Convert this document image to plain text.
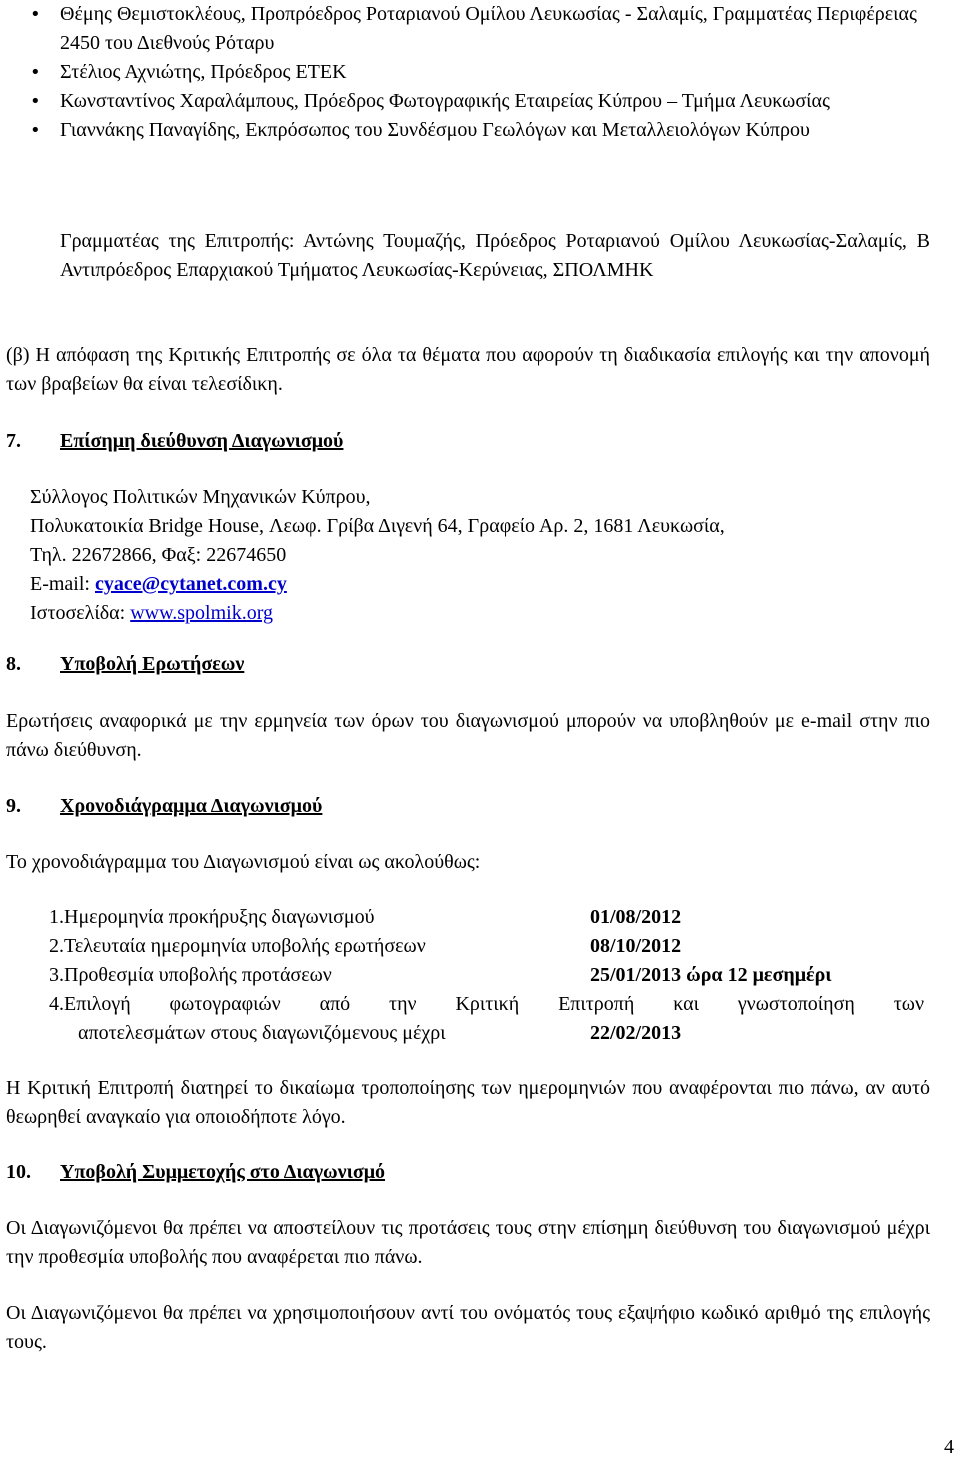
• Θέμης Θεμιστοκλέους, Προπρόεδρος Ροταριανού Ομίλου Λευκωσίας - Σαλαμίς, Γραμματέας Περιφέρειας 2450 του Διεθνούς Ρόταρυ
• Στέλιος Αχνιώτης, Πρόεδρος ΕΤΕΚ
• Κωνσταντίνος Χαραλάμπους, Πρόεδρος Φωτογραφικής Εταιρείας Κύπρου – Τμήμα Λευκωσίας
• Γιαννάκης Παναγίδης, Εκπρόσωπος του Συνδέσμου Γεωλόγων και Μεταλλειολόγων Κύπρου

Γραμματέας της Επιτροπής: Αντώνης Τουμαζής, Πρόεδρος Ροταριανού Ομίλου Λευκωσίας-Σαλαμίς, Β Αντιπρόεδρος Επαρχιακού Τμήματος Λευκωσίας-Κερύνειας, ΣΠΟΛΜΗΚ

(β) Η απόφαση της Κριτικής Επιτροπής σε όλα τα θέματα που αφορούν τη διαδικασία επιλογής και την απονομή των βραβείων θα είναι τελεσίδικη.

7. Επίσημη διεύθυνση Διαγωνισμού
Σύλλογος Πολιτικών Μηχανικών Κύπρου,
Πολυκατοικία Bridge House, Λεωφ. Γρίβα Διγενή 64, Γραφείο Αρ. 2, 1681 Λευκωσία,
Τηλ. 22672866, Φαξ: 22674650
E-mail: cyace@cytanet.com.cy
Ιστοσελίδα: www.spolmik.org
8. Υποβολή Ερωτήσεων

Ερωτήσεις αναφορικά με την ερμηνεία των όρων του διαγωνισμού μπορούν να υποβληθούν με e-mail στην πιο πάνω διεύθυνση.

9. Χρονοδιάγραμμα Διαγωνισμού

Το χρονοδιάγραμμα του Διαγωνισμού είναι ως ακολούθως:

1. Ημερομηνία προκήρυξης διαγωνισμού	01/08/2012
2. Τελευταία ημερομηνία υποβολής ερωτήσεων	08/10/2012
3. Προθεσμία υποβολής προτάσεων	25/01/2013 ώρα 12 μεσημέρι
4. Επιλογή φωτογραφιών από την Κριτική Επιτροπή και γνωστοποίηση των
αποτελεσμάτων στους διαγωνιζόμενους μέχρι	22/02/2013

Η Κριτική Επιτροπή διατηρεί το δικαίωμα τροποποίησης των ημερομηνιών που αναφέρονται πιο πάνω, αν αυτό θεωρηθεί αναγκαίο για οποιοδήποτε λόγο.

10. Υποβολή Συμμετοχής στο Διαγωνισμό

Οι Διαγωνιζόμενοι θα πρέπει να αποστείλουν τις προτάσεις τους στην επίσημη διεύθυνση του διαγωνισμού μέχρι την προθεσμία υποβολής που αναφέρεται πιο πάνω.

Οι Διαγωνιζόμενοι θα πρέπει να χρησιμοποιήσουν αντί του ονόματός τους εξαψήφιο κωδικό αριθμό της επιλογής τους.

4
